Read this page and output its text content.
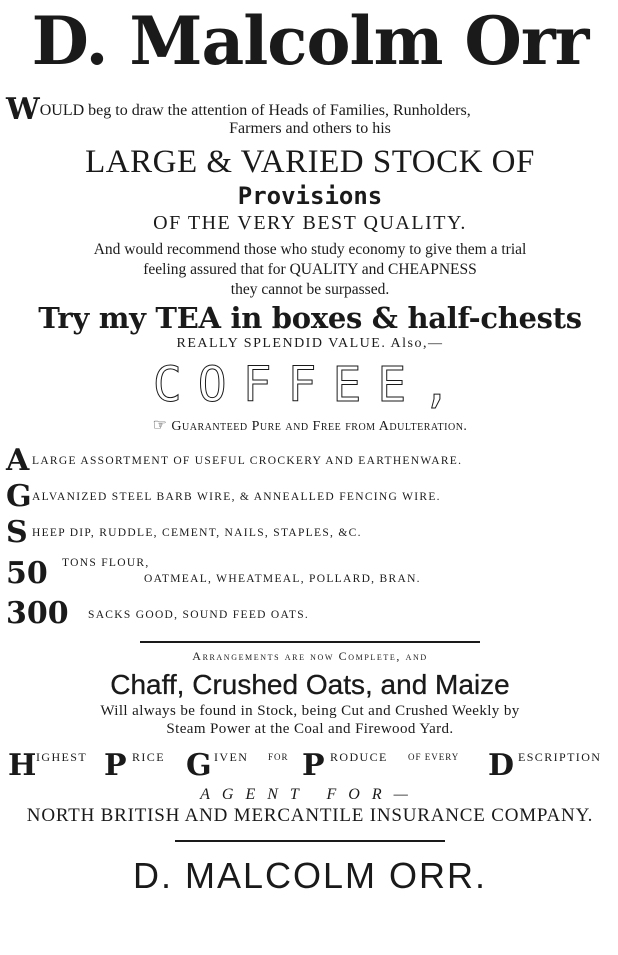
D. Malcolm Orr
WOULD beg to draw the attention of Heads of Families, Runholders,
Farmers and others to his
LARGE & VARIED STOCK OF
Provisions
OF THE VERY BEST QUALITY.
And would recommend those who study economy to give them a trial
feeling assured that for QUALITY and CHEAPNESS
they cannot be surpassed.
Try my TEA in boxes & half-chests
REALLY SPLENDID VALUE. Also,—
COFFEE,
☞ Guaranteed Pure and Free from Adulteration.
A LARGE ASSORTMENT OF USEFUL CROCKERY AND EARTHENWARE.
G ALVANIZED STEEL BARB WIRE, & ANNEALLED FENCING WIRE.
S HEEP DIP, RUDDLE, CEMENT, NAILS, STAPLES, &C.
50 TONS FLOUR,
OATMEAL, WHEATMEAL, POLLARD, BRAN.
300 SACKS GOOD, SOUND FEED OATS.
Arrangements are now Complete, and
Chaff, Crushed Oats, and Maize
Will always be found in Stock, being Cut and Crushed Weekly by
Steam Power at the Coal and Firewood Yard.
H IGHEST P RICE G IVEN FOR P RODUCE OF EVERY D ESCRIPTION
AGENT FOR—
NORTH BRITISH AND MERCANTILE INSURANCE COMPANY.
D. MALCOLM ORR.
